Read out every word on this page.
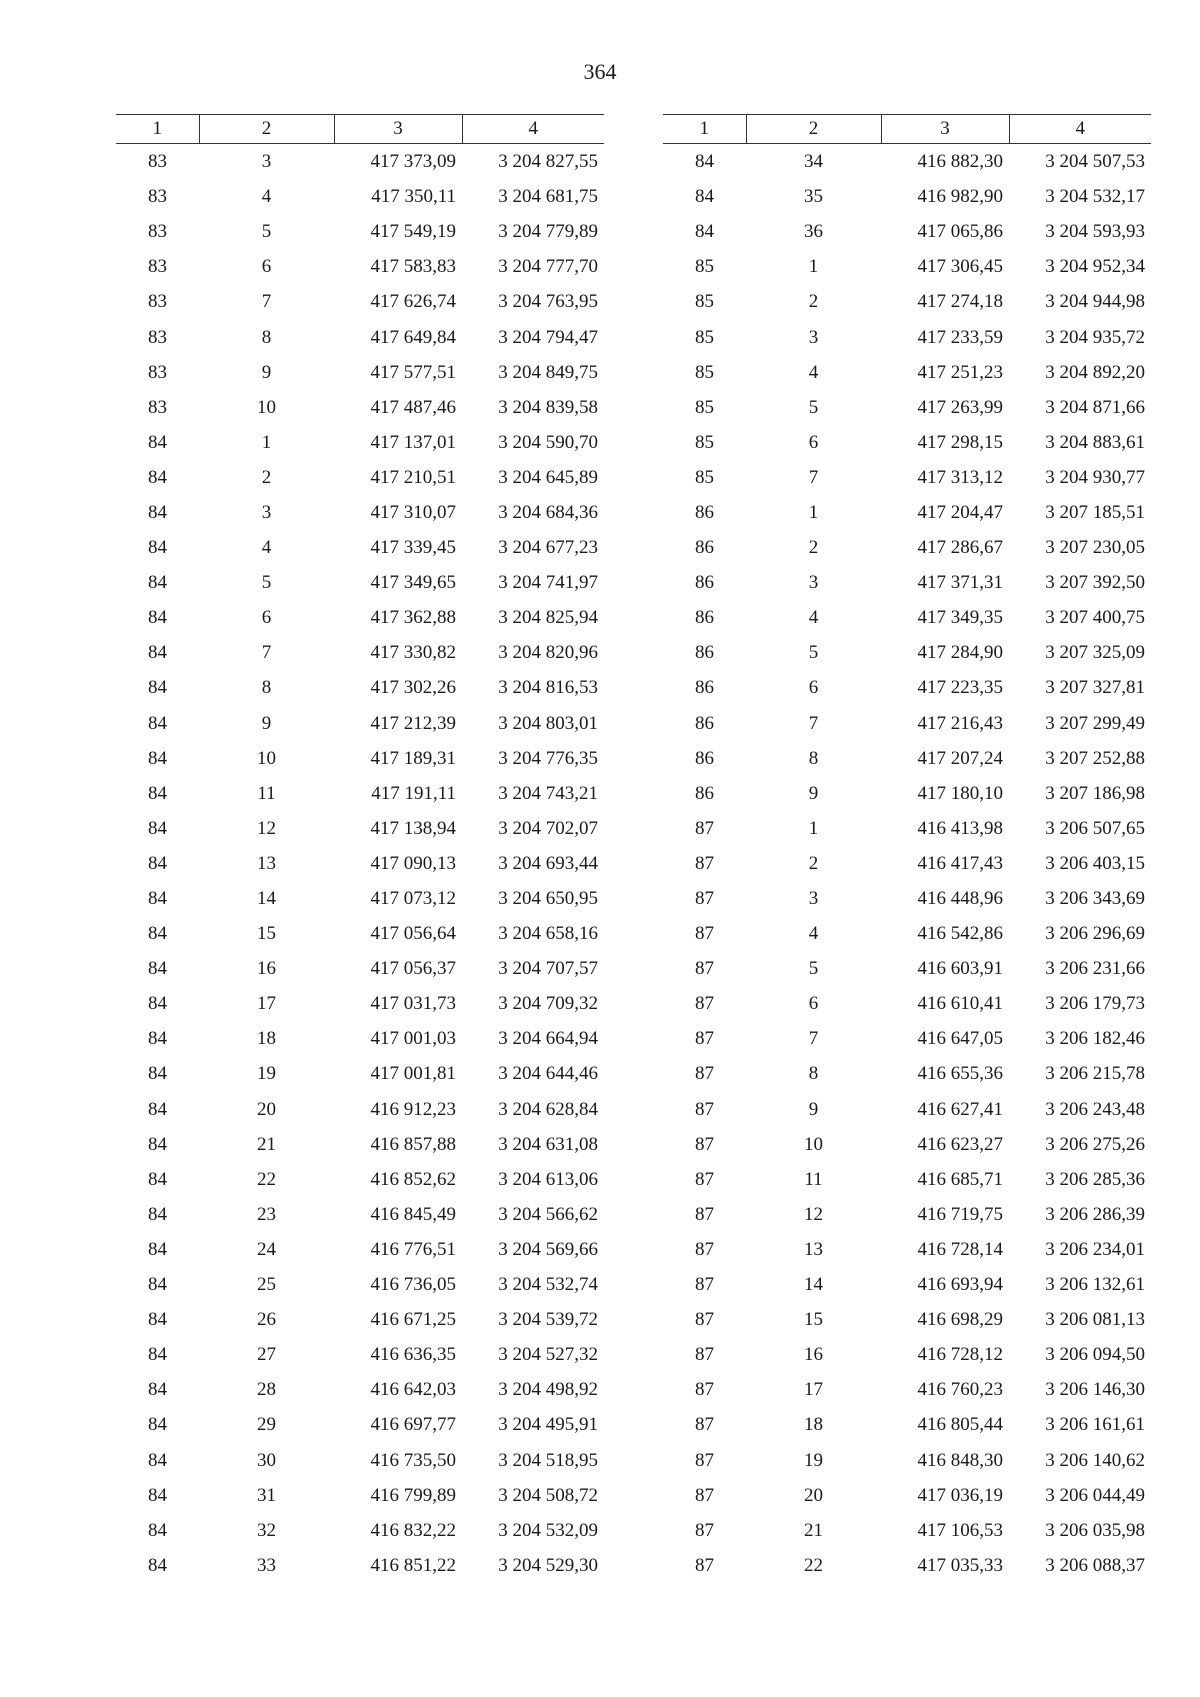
364
1	2	3	4
83	3	417 373,09	3 204 827,55
83	4	417 350,11	3 204 681,75
83	5	417 549,19	3 204 779,89
83	6	417 583,83	3 204 777,70
83	7	417 626,74	3 204 763,95
83	8	417 649,84	3 204 794,47
83	9	417 577,51	3 204 849,75
83	10	417 487,46	3 204 839,58
84	1	417 137,01	3 204 590,70
84	2	417 210,51	3 204 645,89
84	3	417 310,07	3 204 684,36
84	4	417 339,45	3 204 677,23
84	5	417 349,65	3 204 741,97
84	6	417 362,88	3 204 825,94
84	7	417 330,82	3 204 820,96
84	8	417 302,26	3 204 816,53
84	9	417 212,39	3 204 803,01
84	10	417 189,31	3 204 776,35
84	11	417 191,11	3 204 743,21
84	12	417 138,94	3 204 702,07
84	13	417 090,13	3 204 693,44
84	14	417 073,12	3 204 650,95
84	15	417 056,64	3 204 658,16
84	16	417 056,37	3 204 707,57
84	17	417 031,73	3 204 709,32
84	18	417 001,03	3 204 664,94
84	19	417 001,81	3 204 644,46
84	20	416 912,23	3 204 628,84
84	21	416 857,88	3 204 631,08
84	22	416 852,62	3 204 613,06
84	23	416 845,49	3 204 566,62
84	24	416 776,51	3 204 569,66
84	25	416 736,05	3 204 532,74
84	26	416 671,25	3 204 539,72
84	27	416 636,35	3 204 527,32
84	28	416 642,03	3 204 498,92
84	29	416 697,77	3 204 495,91
84	30	416 735,50	3 204 518,95
84	31	416 799,89	3 204 508,72
84	32	416 832,22	3 204 532,09
84	33	416 851,22	3 204 529,30
1	2	3	4
84	34	416 882,30	3 204 507,53
84	35	416 982,90	3 204 532,17
84	36	417 065,86	3 204 593,93
85	1	417 306,45	3 204 952,34
85	2	417 274,18	3 204 944,98
85	3	417 233,59	3 204 935,72
85	4	417 251,23	3 204 892,20
85	5	417 263,99	3 204 871,66
85	6	417 298,15	3 204 883,61
85	7	417 313,12	3 204 930,77
86	1	417 204,47	3 207 185,51
86	2	417 286,67	3 207 230,05
86	3	417 371,31	3 207 392,50
86	4	417 349,35	3 207 400,75
86	5	417 284,90	3 207 325,09
86	6	417 223,35	3 207 327,81
86	7	417 216,43	3 207 299,49
86	8	417 207,24	3 207 252,88
86	9	417 180,10	3 207 186,98
87	1	416 413,98	3 206 507,65
87	2	416 417,43	3 206 403,15
87	3	416 448,96	3 206 343,69
87	4	416 542,86	3 206 296,69
87	5	416 603,91	3 206 231,66
87	6	416 610,41	3 206 179,73
87	7	416 647,05	3 206 182,46
87	8	416 655,36	3 206 215,78
87	9	416 627,41	3 206 243,48
87	10	416 623,27	3 206 275,26
87	11	416 685,71	3 206 285,36
87	12	416 719,75	3 206 286,39
87	13	416 728,14	3 206 234,01
87	14	416 693,94	3 206 132,61
87	15	416 698,29	3 206 081,13
87	16	416 728,12	3 206 094,50
87	17	416 760,23	3 206 146,30
87	18	416 805,44	3 206 161,61
87	19	416 848,30	3 206 140,62
87	20	417 036,19	3 206 044,49
87	21	417 106,53	3 206 035,98
87	22	417 035,33	3 206 088,37
